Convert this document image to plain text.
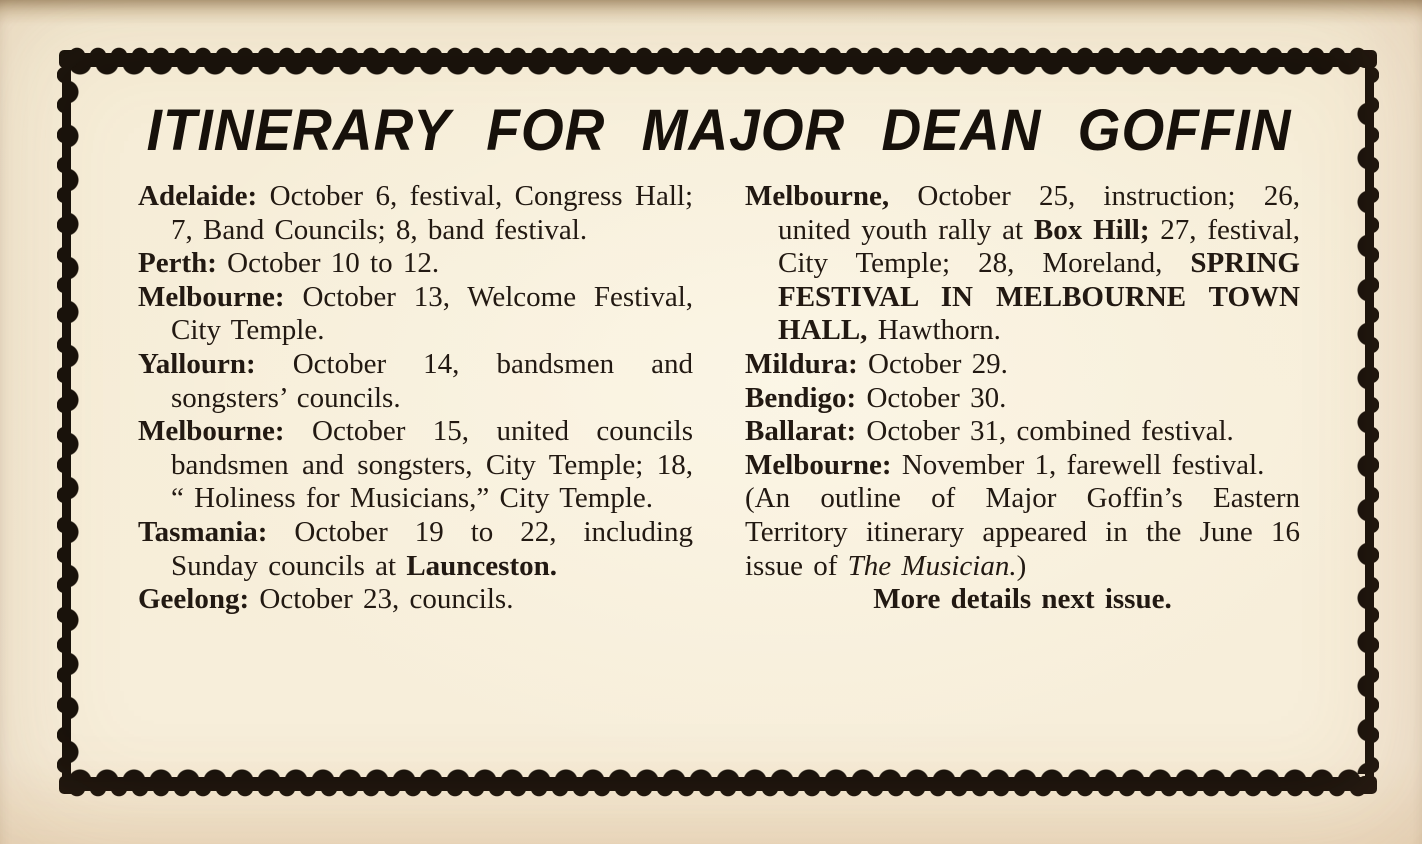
ITINERARY FOR MAJOR DEAN GOFFIN

Adelaide: October 6, festival, Congress Hall; 7, Band Councils; 8, band festival.

Perth: October 10 to 12.

Melbourne: October 13, Welcome Festival, City Temple.

Yallourn: October 14, bandsmen and songsters’ councils.

Melbourne: October 15, united councils bandsmen and songsters, City Temple; 18, “ Holiness for Musicians,” City Temple.

Tasmania: October 19 to 22, including Sunday councils at Launceston.

Geelong: October 23, councils.

Melbourne, October 25, instruction; 26, united youth rally at Box Hill; 27, festival, City Temple; 28, Moreland, SPRING FESTIVAL IN MELBOURNE TOWN HALL, Hawthorn.

Mildura: October 29.

Bendigo: October 30.

Ballarat: October 31, combined festival.

Melbourne: November 1, farewell festival.

(An outline of Major Goffin’s Eastern Territory itinerary appeared in the June 16 issue of The Musician.)

More details next issue.
